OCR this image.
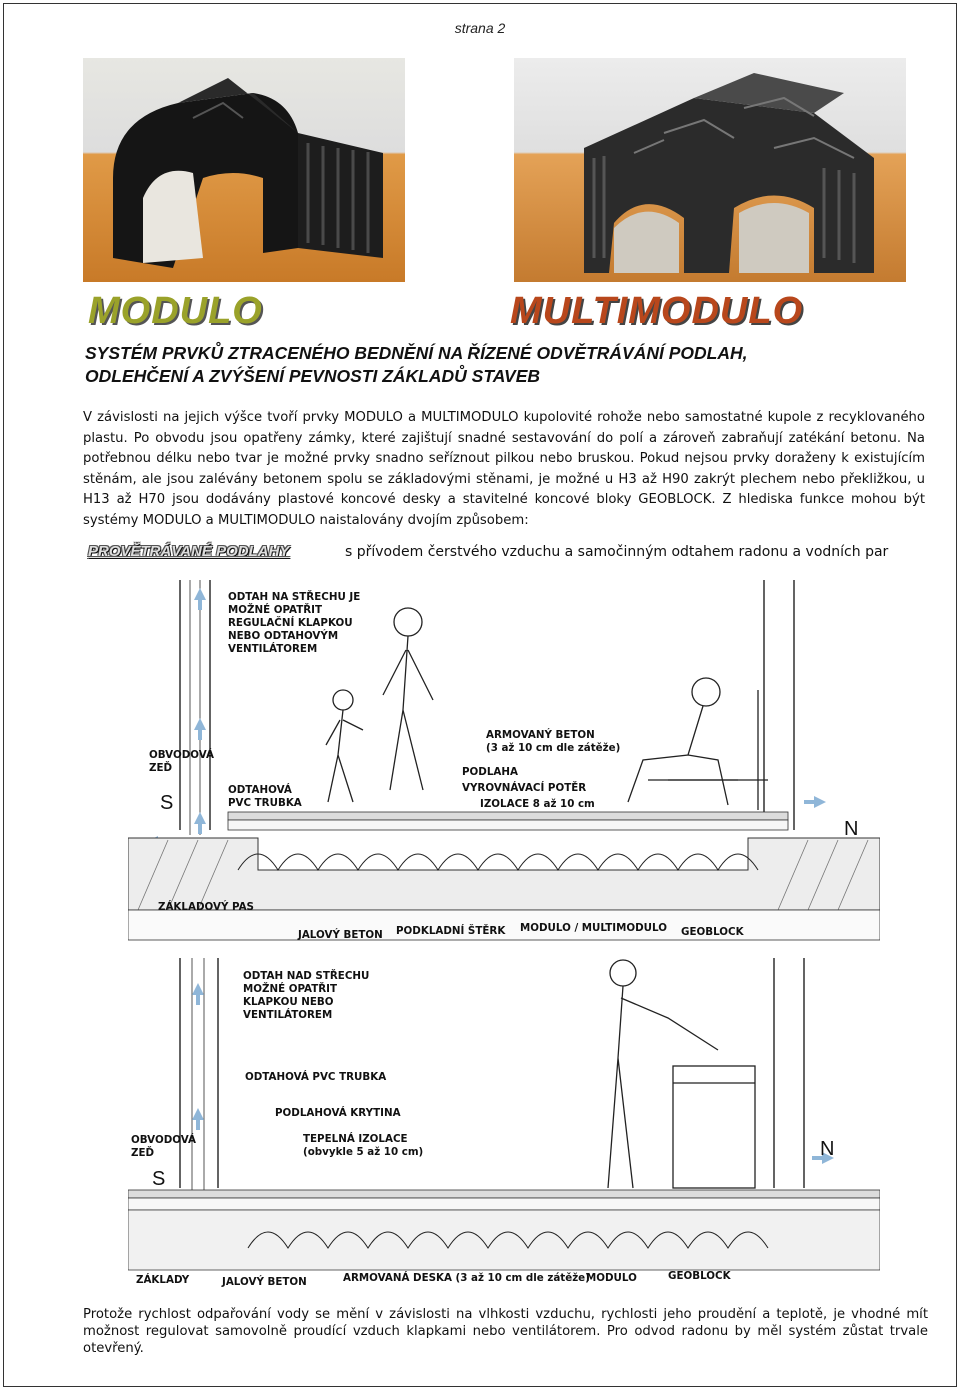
strana 2
MODULO	MULTIMODULO
SYSTÉM PRVKŮ ZTRACENÉHO BEDNĚNÍ NA ŘÍZENÉ ODVĚTRÁVÁNÍ PODLAH,
ODLEHČENÍ A ZVÝŠENÍ PEVNOSTI ZÁKLADŮ STAVEB
V závislosti na jejich výšce tvoří prvky MODULO a MULTIMODULO kupolovité rohože nebo samostatné kupole z recyklovaného plastu. Po obvodu jsou opatřeny zámky, které zajištují snadné sestavování do polí a zároveň zabraňují zatékání betonu. Na potřebnou délku nebo tvar je možné prvky snadno seříznout pilkou nebo bruskou. Pokud nejsou prvky doraženy k existujícím stěnám, ale jsou zalévány betonem spolu se základovými stěnami, je možné u H3 až H90 zakrýt plechem nebo překližkou, u H13 až H70 jsou dodávány plastové koncové desky a stavitelné koncové bloky GEOBLOCK. Z hlediska funkce mohou být systémy MODULO a MULTIMODULO naistalovány dvojím způsobem:
PROVĚTRÁVANÉ PODLAHY	s přívodem čerstvého vzduchu a samočinným odtahem radonu a vodních par
ODTAH NA STŘECHU JE
MOŽNÉ OPATŘIT
REGULAČNÍ KLAPKOU
NEBO ODTAHOVÝM
VENTILÁTOREM
OBVODOVÁ
ZEĎ
ODTAHOVÁ
PVC TRUBKA
ARMOVANÝ BETON
(3 až 10 cm dle zátěže)
PODLAHA
VYROVNÁVACÍ POTĚR
IZOLACE 8 až 10 cm
S
N
ZÁKLADOVÝ PAS
JALOVÝ BETON PODKLADNÍ ŠTĚRK MODULO / MULTIMODULO GEOBLOCK
ODTAH NAD STŘECHU
MOŽNÉ OPATŘIT
KLAPKOU NEBO
VENTILÁTOREM
ODTAHOVÁ PVC TRUBKA
PODLAHOVÁ KRYTINA
TEPELNÁ IZOLACE
(obvykle 5 až 10 cm)
OBVODOVÁ
ZEĎ
S
N
ZÁKLADY	JALOVÝ BETON	ARMOVANÁ DESKA (3 až 10 cm dle zátěže)
MODULO	GEOBLOCK
Protože rychlost odpařování vody se mění v závislosti na vlhkosti vzduchu, rychlosti jeho proudění a teplotě, je vhodné mít možnost regulovat samovolně proudící vzduch klapkami nebo ventilátorem. Pro odvod radonu by měl systém zůstat trvale otevřený.
